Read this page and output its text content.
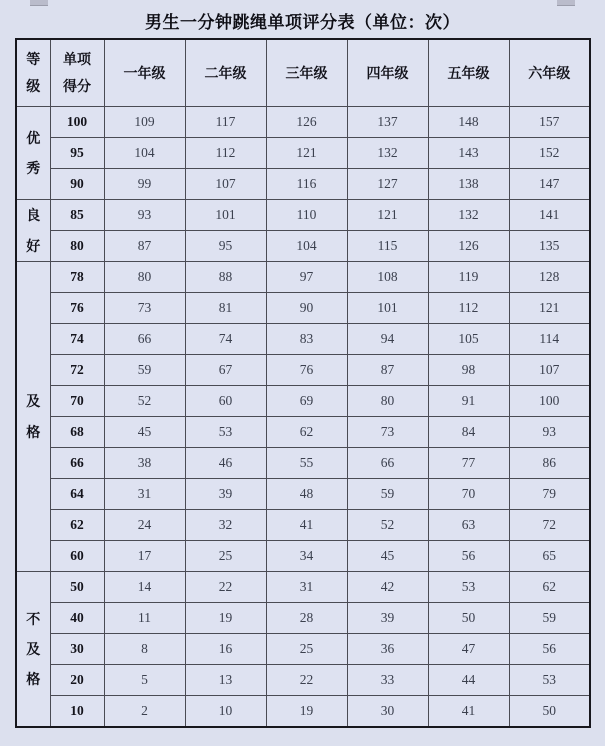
男生一分钟跳绳单项评分表（单位：次）
等级	单项得分	一年级	二年级	三年级	四年级	五年级	六年级
优秀	100	109	117	126	137	148	157
	95	104	112	121	132	143	152
	90	99	107	116	127	138	147
良好	85	93	101	110	121	132	141
	80	87	95	104	115	126	135
及格	78	80	88	97	108	119	128
	76	73	81	90	101	112	121
	74	66	74	83	94	105	114
	72	59	67	76	87	98	107
	70	52	60	69	80	91	100
	68	45	53	62	73	84	93
	66	38	46	55	66	77	86
	64	31	39	48	59	70	79
	62	24	32	41	52	63	72
	60	17	25	34	45	56	65
不及格	50	14	22	31	42	53	62
	40	11	19	28	39	50	59
	30	8	16	25	36	47	56
	20	5	13	22	33	44	53
	10	2	10	19	30	41	50
